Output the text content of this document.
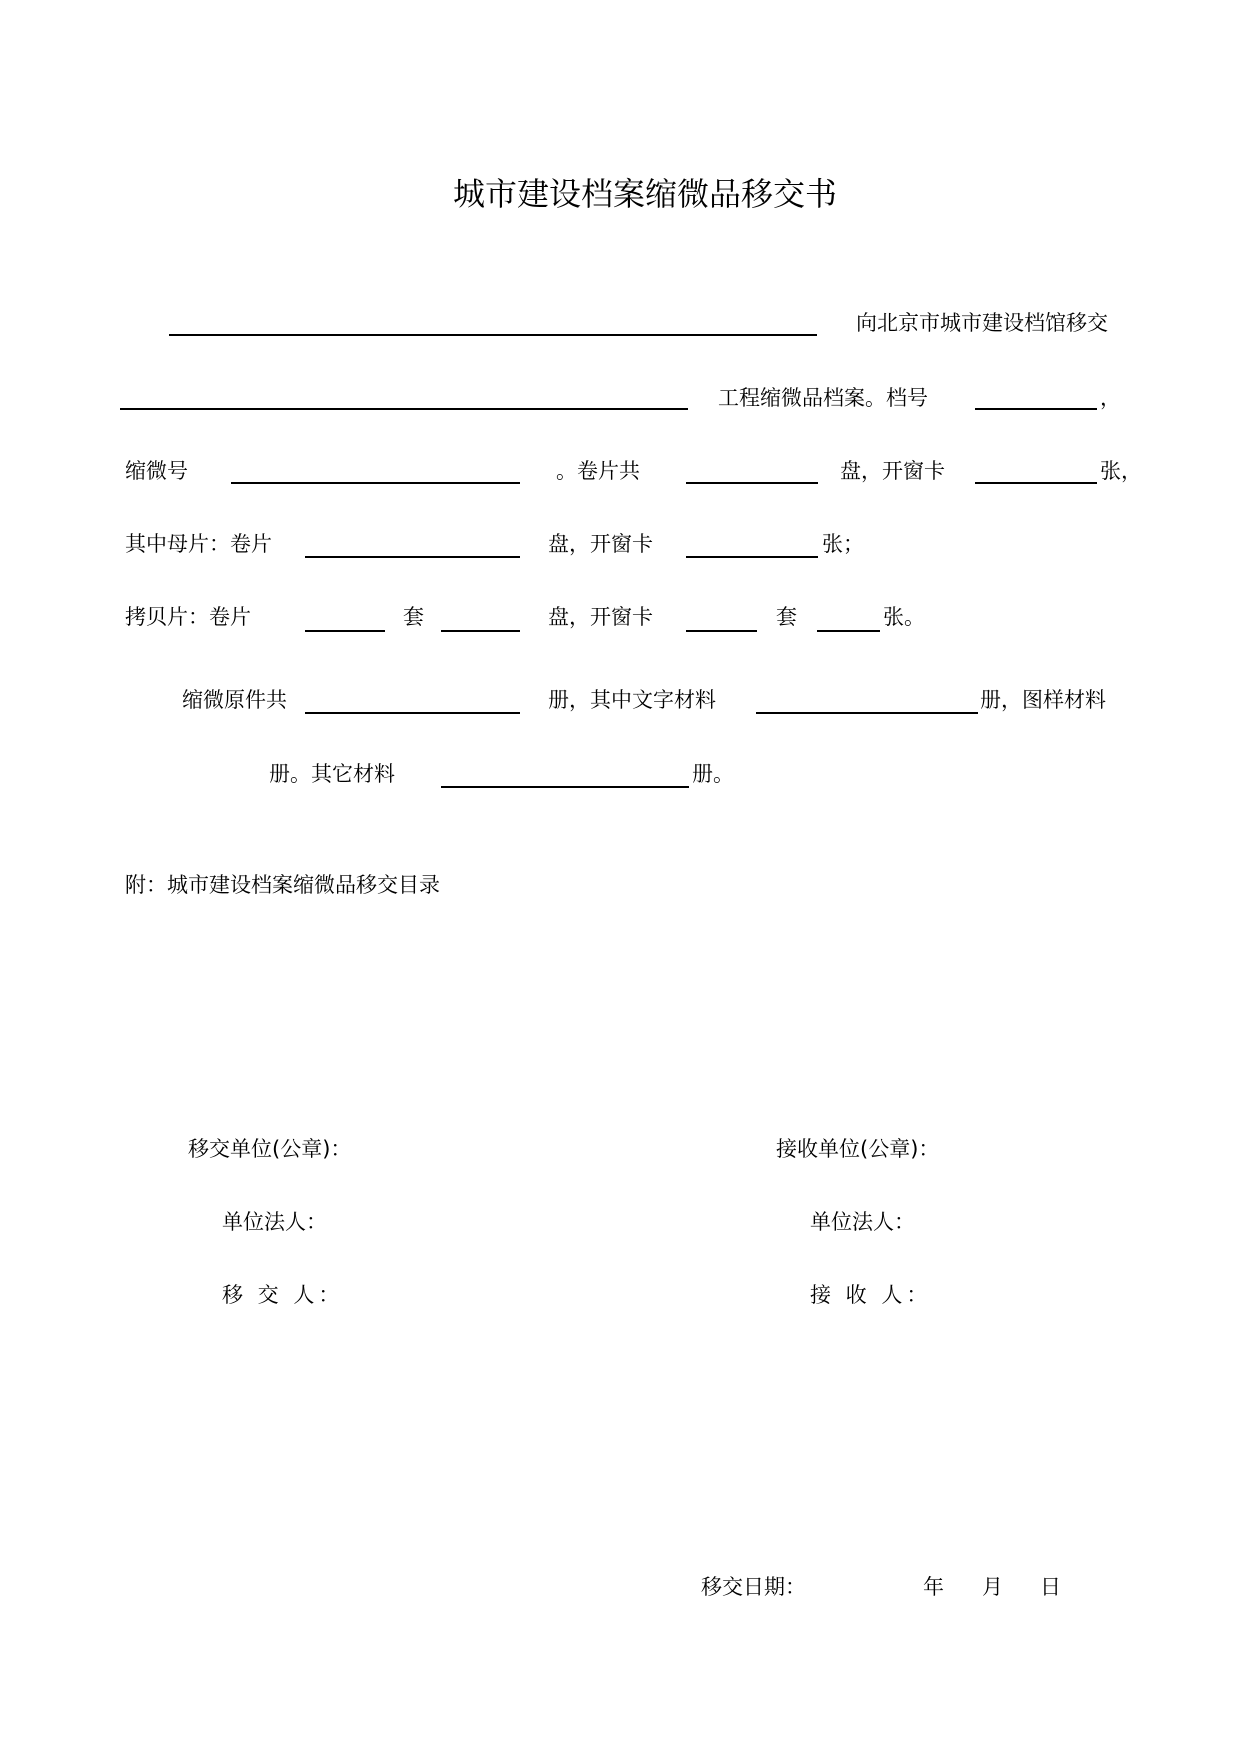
城市建设档案缩微品移交书
向北京市城市建设档馆移交
工程缩微品档案。档号	，
缩微号	。卷片共	盘，开窗卡	张，
其中母片：卷片	盘，开窗卡	张；
拷贝片：卷片	套	盘，开窗卡	套	张。
缩微原件共	册，其中文字材料	册，图样材料
册。其它材料	册。
附：城市建设档案缩微品移交目录
移交单位(公章)：	接收单位(公章)：
单位法人：	单位法人：
移 交 人：	接 收 人：
移交日期：	年 月 日
